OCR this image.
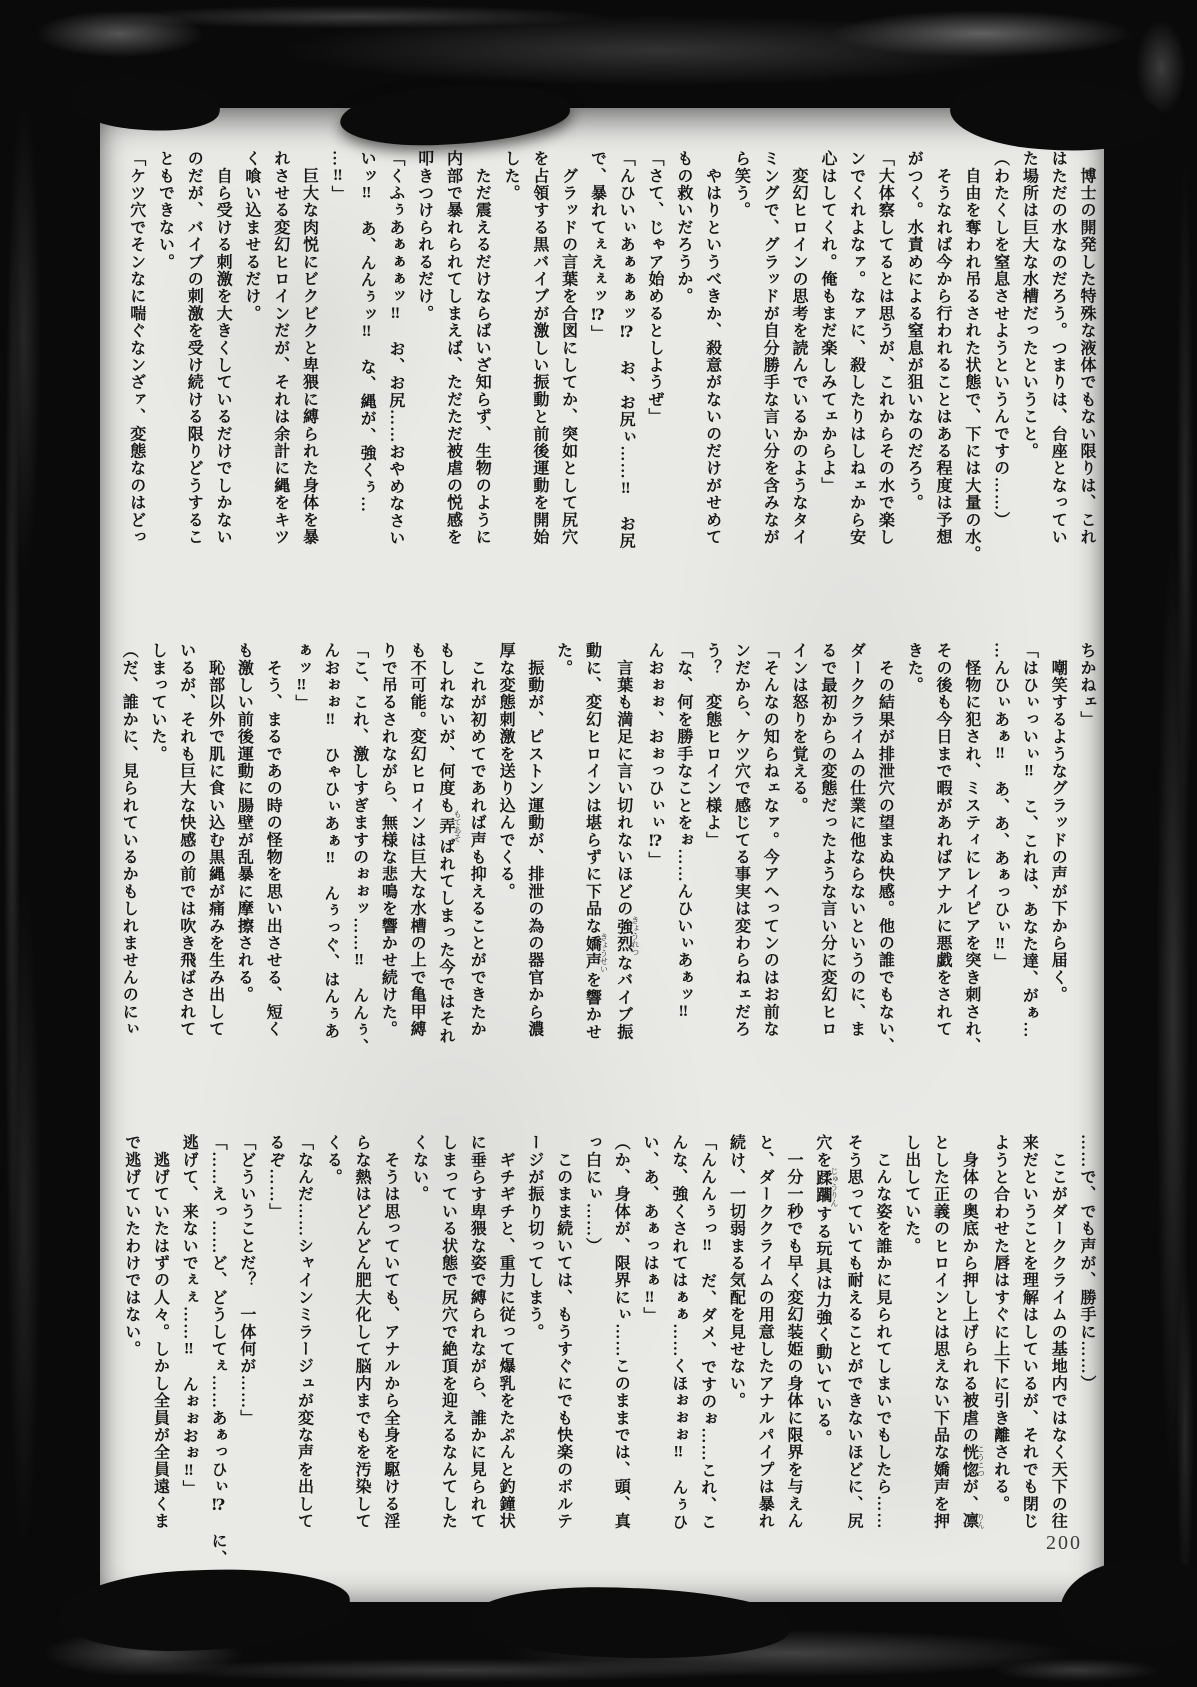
　博士の開発した特殊な液体でもない限りは、これ

はただの水なのだろう。つまりは、台座となってい

た場所は巨大な水槽だったということ。

（わたくしを窒息させようというんですの……）

　自由を奪われ吊るされた状態で、下には大量の水。

　そうなれば今から行われることはある程度は予想

がつく。水責めによる窒息が狙いなのだろう。

「大体察してるとは思うが、これからその水で楽し

ンでくれよなァ。なァに、殺したりはしねェから安

心はしてくれ。俺もまだ楽しみてェからよ」

　変幻ヒロインの思考を読んでいるかのようなタイ

ミングで、グラッドが自分勝手な言い分を含みなが

ら笑う。

　やはりというべきか、殺意がないのだけがせめて

もの救いだろうか。

「さて、じゃア始めるとしようぜ」

「んひいぃあぁぁぁッ⁉　お、お尻ぃ……‼　お尻

で、暴れてぇえぇッ⁉」

　グラッドの言葉を合図にしてか、突如として尻穴

を占領する黒バイブが激しい振動と前後運動を開始

した。

　ただ震えるだけならばいざ知らず、生物のように

内部で暴れられてしまえば、ただただ被虐の悦感を

叩きつけられるだけ。

「くふぅあぁぁぁッ‼　お、お尻……おやめなさい

いッ‼　あ、んんぅッ‼　な、縄が、強くぅ…

…‼」

　巨大な肉悦にビクビクと卑猥に縛られた身体を暴

れさせる変幻ヒロインだが、それは余計に縄をキツ

く喰い込ませるだけ。

　自ら受ける刺激を大きくしているだけでしかない

のだが、バイブの刺激を受け続ける限りどうするこ

ともできない。

「ケツ穴でそンなに喘ぐなンざァ、変態なのはどっ

ちかねェ」

　嘲笑するようなグラッドの声が下から届く。

「はひぃっいぃ‼　こ、これは、あなた達、がぁ…

…んひぃあぁ‼　あ、あ、あぁっひぃ‼」

　怪物に犯され、ミスティにレイピアを突き刺され、

その後も今日まで暇があればアナルに悪戯をされて

きた。

　その結果が排泄穴の望まぬ快感。他の誰でもない、

ダーククライムの仕業に他ならないというのに、ま

るで最初からの変態だったような言い分に変幻ヒロ

インは怒りを覚える。

「そんなの知らねェなァ。今アヘってンのはお前な

ンだから、ケツ穴で感じてる事実は変わらねェだろ

う？　変態ヒロイン様よ」

「な、何を勝手なことをぉ……んひいぃあぁッ‼

んおぉぉ、おぉっひぃぃ⁉」

　言葉も満足に言い切れないほどの強烈 きょうれつなバイブ振

動に、変幻ヒロインは堪らずに下品な嬌声 きょうせいを響かせ

た。

　振動が、ピストン運動が、排泄の為の器官から濃

厚な変態刺激を送り込んでくる。

　これが初めてであれば声も抑えることができたか

もしれないが、何度も弄 もてあそばれてしまった今ではそれ

も不可能。変幻ヒロインは巨大な水槽の上で亀甲縛

りで吊るされながら、無様な悲鳴を響かせ続けた。

「こ、これ、激しすぎますのぉぉッ……‼　んんぅ、

んおぉぉ‼　ひゃひぃあぁ‼　んぅっぐ、はんぅあ

ぁッ‼」

　そう、まるであの時の怪物を思い出させる、短く

も激しい前後運動に腸壁が乱暴に摩擦される。

　恥部以外で肌に食い込む黒縄が痛みを生み出して

いるが、それも巨大な快感の前では吹き飛ばされて

しまっていた。

（だ、誰かに、見られているかもしれませんのにぃ

……で、でも声が、勝手に……）

　ここがダーククライムの基地内ではなく天下の往

来だということを理解はしているが、それでも閉じ

ようと合わせた唇はすぐに上下に引き離される。

　身体の奥底から押し上げられる被虐の恍惚 こうこつが、凛 りん

とした正義のヒロインとは思えない下品な嬌声を押

し出していた。

　こんな姿を誰かに見られてしまいでもしたら……

そう思っていても耐えることができないほどに、尻

穴を蹂躙 じゅうりんする玩具は力強く動いている。

　一分一秒でも早く変幻装姫の身体に限界を与えん

と、ダーククライムの用意したアナルパイプは暴れ

続け、一切弱まる気配を見せない。

「んんんぅっ‼　だ、ダメ、ですのぉ……これ、こ

んな、強くされてはぁぁ……くほぉぉぉ‼　んぅひ

い、あ、あぁっはぁ‼」

（か、身体が、限界にぃ……このままでは、頭、真

っ白にぃ……）

　このまま続いては、もうすぐにでも快楽のボルテ

ージが振り切ってしまう。

　ギチギチと、重力に従って爆乳をたぷんと釣鐘状

に垂らす卑猥な姿で縛られながら、誰かに見られて

しまっている状態で尻穴で絶頂を迎えるなんてした

くない。

　そうは思っていても、アナルから全身を駆ける淫

らな熱はどんどん肥大化して脳内までもを汚染して

くる。

「なんだ……シャインミラージュが変な声を出して

るぞ……」

「どういうことだ？　一体何が……」

「……えっ……ど、どうしてぇ……あぁっひぃ⁉　に、

逃げて、来ないでぇぇ……‼　んぉぉおぉ‼」

　逃げていたはずの人々。しかし全員が全員遠くま

で逃げていたわけではない。

200
